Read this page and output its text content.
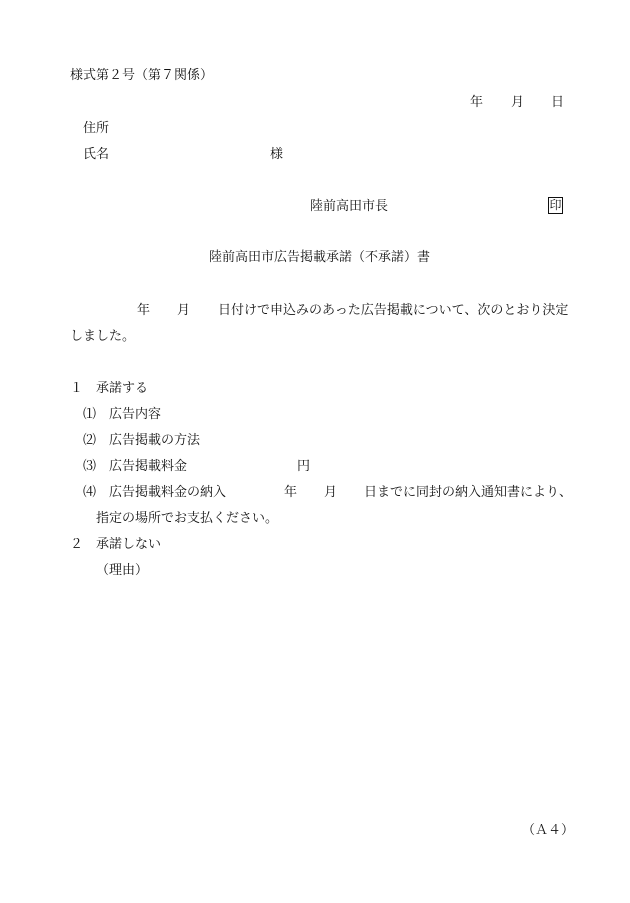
様式第２号（第７関係）
年 月 日
住所
氏名	様
陸前高田市長	印
陸前高田市広告掲載承諾（不承諾）書
年 月 日付けで申込みのあった広告掲載について、次のとおり決定
しました。
１　承諾する
⑴　広告内容
⑵　広告掲載の方法
⑶　広告掲載料金	円
⑷　広告掲載料金の納入	年 月 日までに同封の納入通知書により、
指定の場所でお支払ください。
２　承諾しない
（理由）
（Ａ４）
